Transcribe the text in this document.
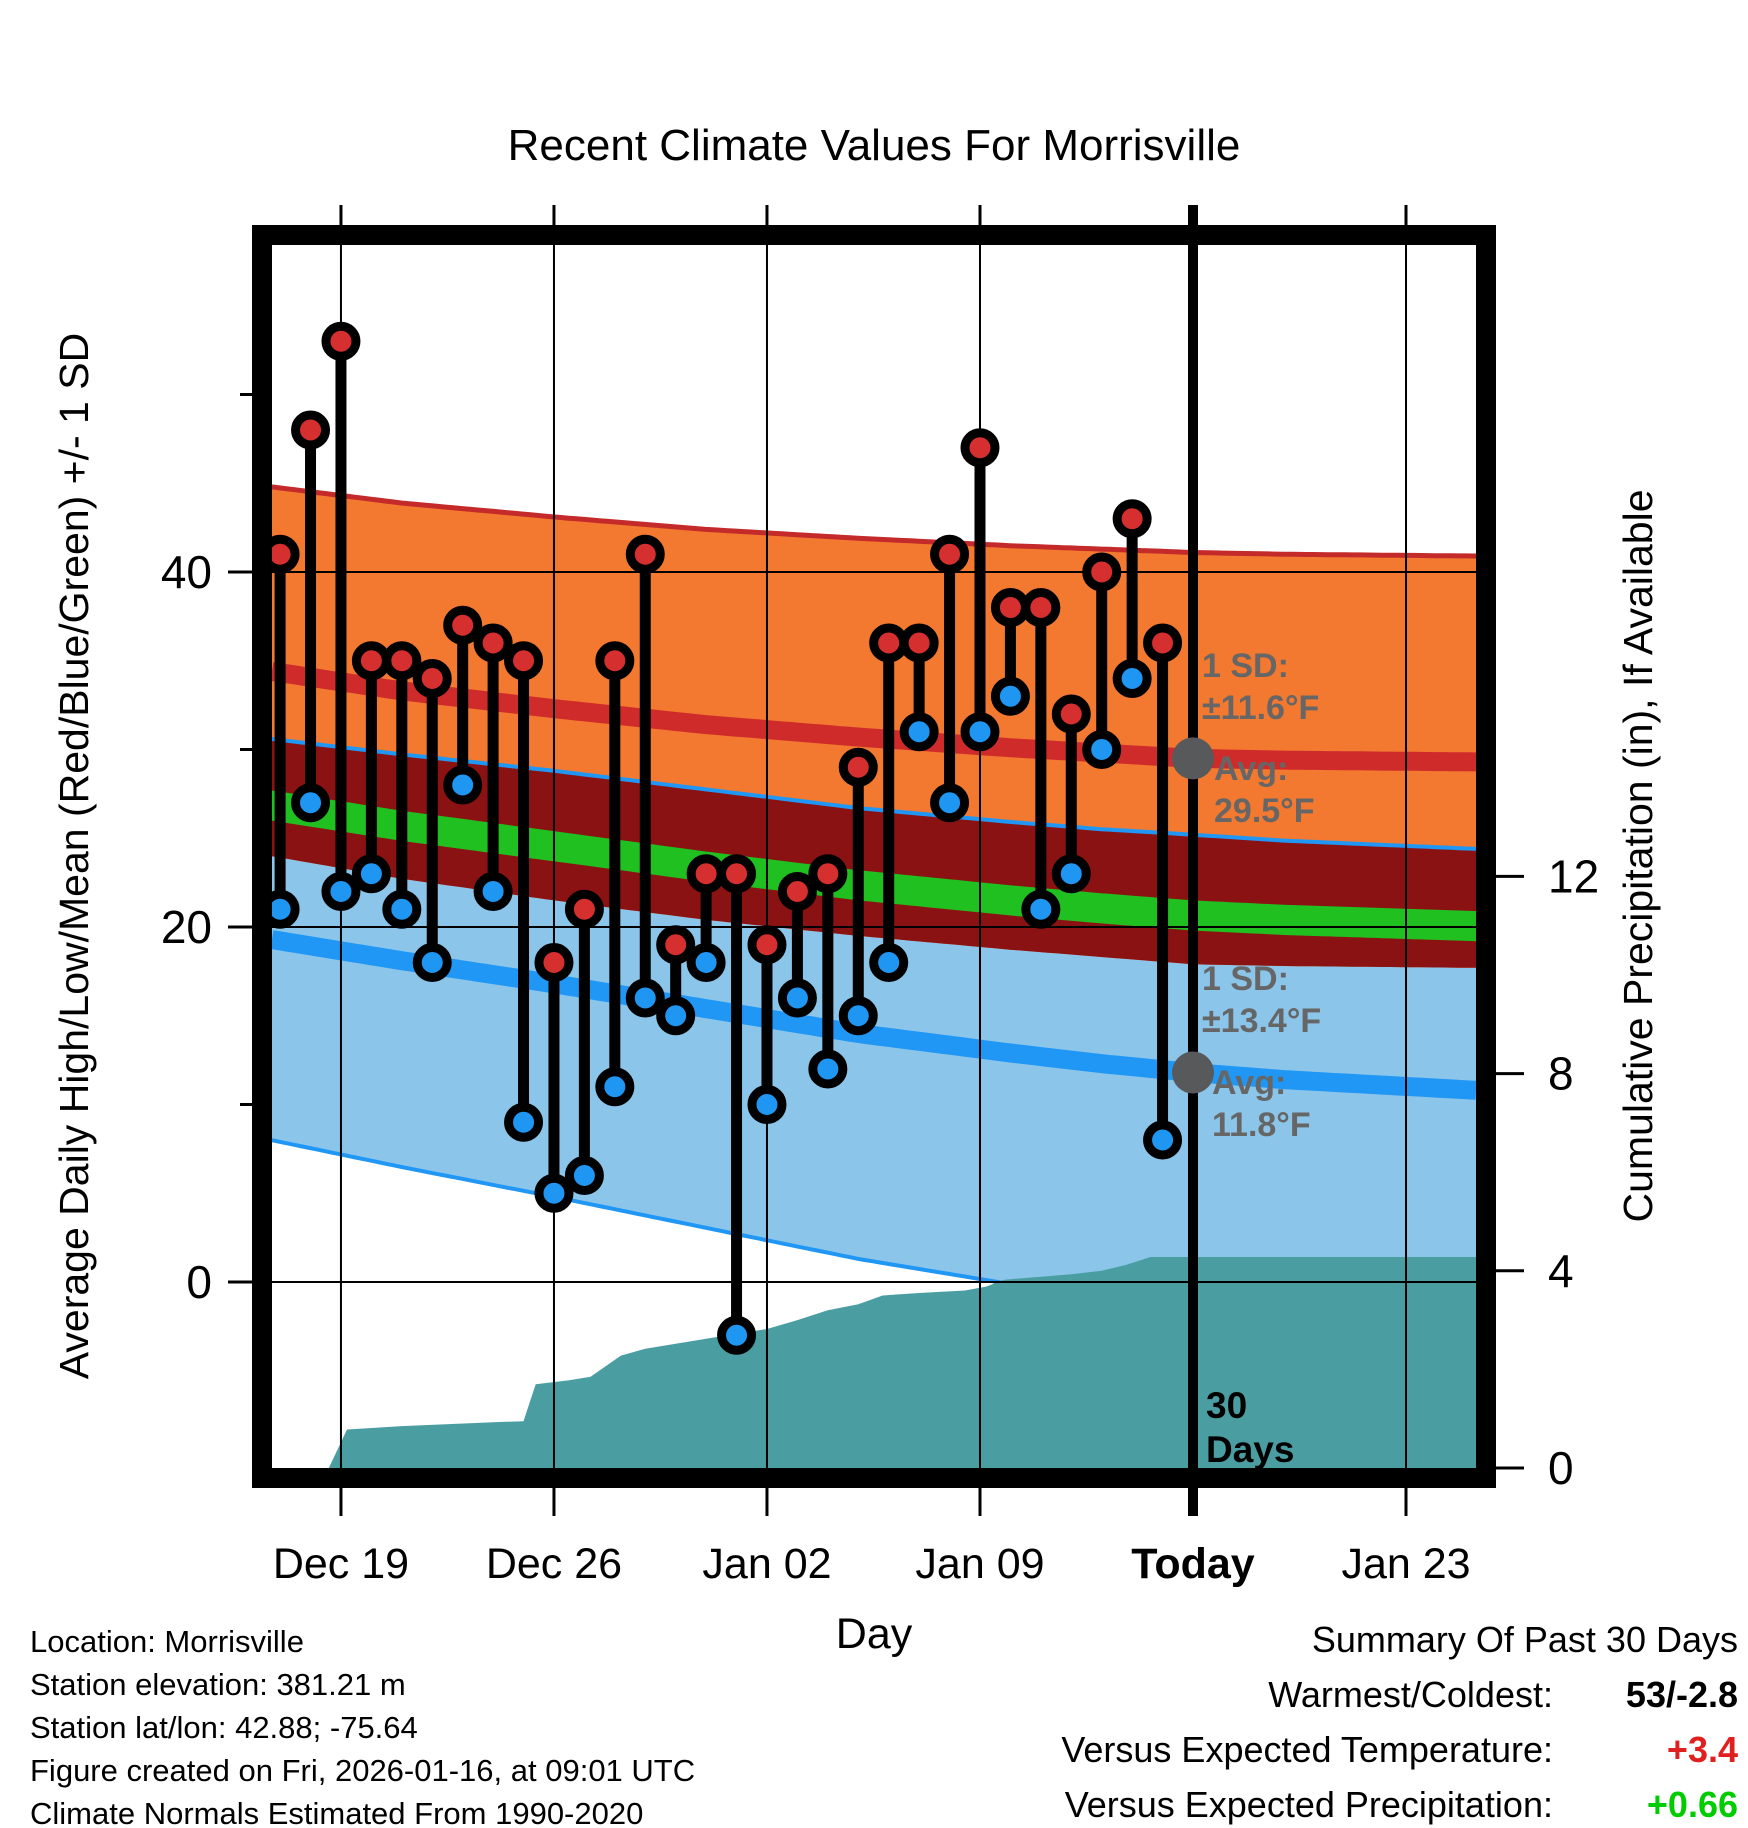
0
20
40
0
4
8
12
Dec 19 Dec 26 Jan 02 Jan 09 Today Jan 23
1 SD:
±11.6°F
Avg:
29.5°F
1 SD:
±13.4°F
Avg:
11.8°F
30
Days
Recent Climate Values For Morrisville
Day
Average Daily High/Low/Mean (Red/Blue/Green) +/- 1 SD	Cumulative Precipitation (in), If Available
Location: Morrisville
Station elevation: 381.21 m
Station lat/lon: 42.88; -75.64
Figure created on Fri, 2026-01-16, at 09:01 UTC
Climate Normals Estimated From 1990-2020
Summary Of Past 30 Days
Warmest/Coldest: 53/-2.8
Versus Expected Temperature:	+3.4
Versus Expected Precipitation:	+0.66
